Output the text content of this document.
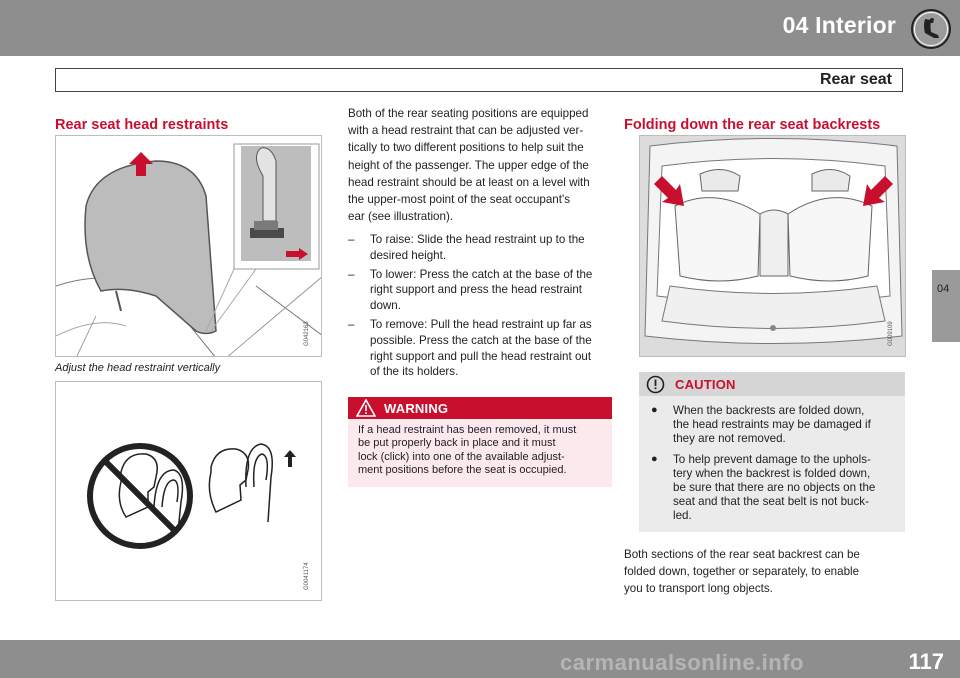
04 Interior
Rear seat
04
Rear seat head restraints
G042163
Adjust the head restraint vertically
G0041174

Both of the rear seating positions are equipped

with a head restraint that can be adjusted ver-

tically to two different positions to help suit the

height of the passenger. The upper edge of the

head restraint should be at least on a level with

the upper-most point of the seat occupant's

ear (see illustration).

– To raise: Slide the head restraint up to the
desired height.
– To lower: Press the catch at the base of the
right support and press the head restraint
down.
– To remove: Pull the head restraint up far as
possible. Press the catch at the base of the
right support and pull the head restraint out
of the its holders.
WARNING
If a head restraint has been removed, it must
be put properly back in place and it must
lock (click) into one of the available adjust-
ment positions before the seat is occupied.
Folding down the rear seat backrests
G009109
CAUTION
● When the backrests are folded down,
the head restraints may be damaged if
they are not removed.
● To help prevent damage to the uphols-
tery when the backrest is folded down,
be sure that there are no objects on the
seat and that the seat belt is not buck-
led.

Both sections of the rear seat backrest can be

folded down, together or separately, to enable

you to transport long objects.

carmanualsonline.info	117
